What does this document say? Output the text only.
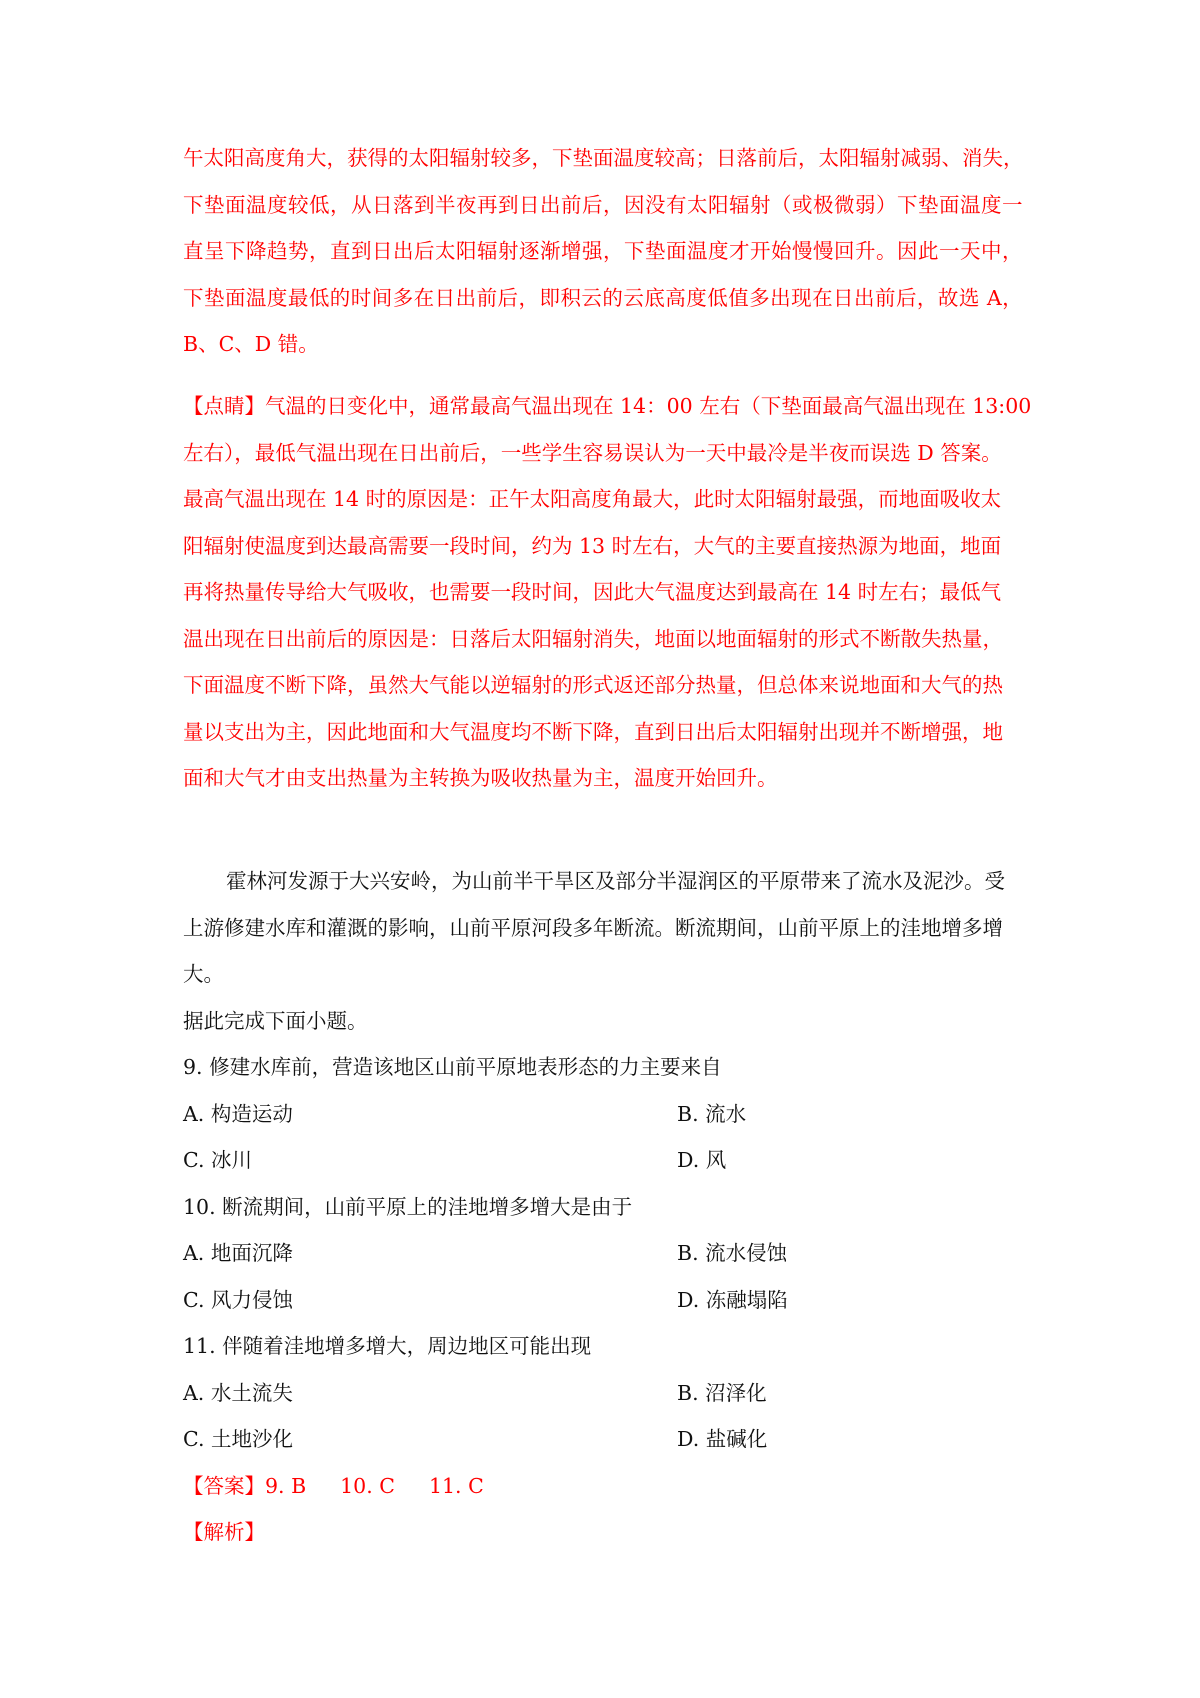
午 太 阳 高 度 角 大 ， 获 得 的 太 阳 辐 射 较 多 ， 下 垫 面 温 度 较 高 ； 日 落 前 后 ， 太 阳 辐 射 减 弱 、 消 失 ，
下 垫 面 温 度 较 低 ， 从 日 落 到 半 夜 再 到 日 出 前 后 ， 因 没 有 太 阳 辐 射 （ 或 极 微 弱 ） 下 垫 面 温 度 一
直 呈 下 降 趋 势 ， 直 到 日 出 后 太 阳 辐 射 逐 渐 增 强 ， 下 垫 面 温 度 才 开 始 慢 慢 回 升 。 因 此 一 天 中 ，
下 垫 面 温 度 最 低 的 时 间 多 在 日 出 前 后 ， 即 积 云 的 云 底 高 度 低 值 多 出 现 在 日 出 前 后 ， 故 选
A ，
B、C、D 错。
【点睛】气温的日变化中，通常最高气温出现在 14：00 左右（下垫面最高气温出现在 13:00
左右），最低气温出现在日出前后，一些学生容易误认为一天中最冷是半夜而误选 D 答案。
最高气温出现在 14 时的原因是：正午太阳高度角最大，此时太阳辐射最强，而地面吸收太
阳辐射使温度到达最高需要一段时间，约为 13 时左右，大气的主要直接热源为地面，地面
再将热量传导给大气吸收，也需要一段时间，因此大气温度达到最高在 14 时左右；最低气
温出现在日出前后的原因是：日落后太阳辐射消失，地面以地面辐射的形式不断散失热量，
下面温度不断下降，虽然大气能以逆辐射的形式返还部分热量，但总体来说地面和大气的热
量以支出为主，因此地面和大气温度均不断下降，直到日出后太阳辐射出现并不断增强，地
面和大气才由支出热量为主转换为吸收热量为主，温度开始回升。
霍林河发源于大兴安岭，为山前半干旱区及部分半湿润区的平原带来了流水及泥沙。受
上游修建水库和灌溉的影响，山前平原河段多年断流。断流期间，山前平原上的洼地增多增
大。
据此完成下面小题。
9. 修建水库前，营造该地区山前平原地表形态的力主要来自
A. 构造运动	B. 流水
C. 冰川	D. 风
10. 断流期间，山前平原上的洼地增多增大是由于
A. 地面沉降	B. 流水侵蚀
C. 风力侵蚀	D. 冻融塌陷
11. 伴随着洼地增多增大，周边地区可能出现
A. 水土流失	B. 沼泽化
C. 土地沙化	D. 盐碱化
【答案】9. B 10. C 11. C
【解析】
